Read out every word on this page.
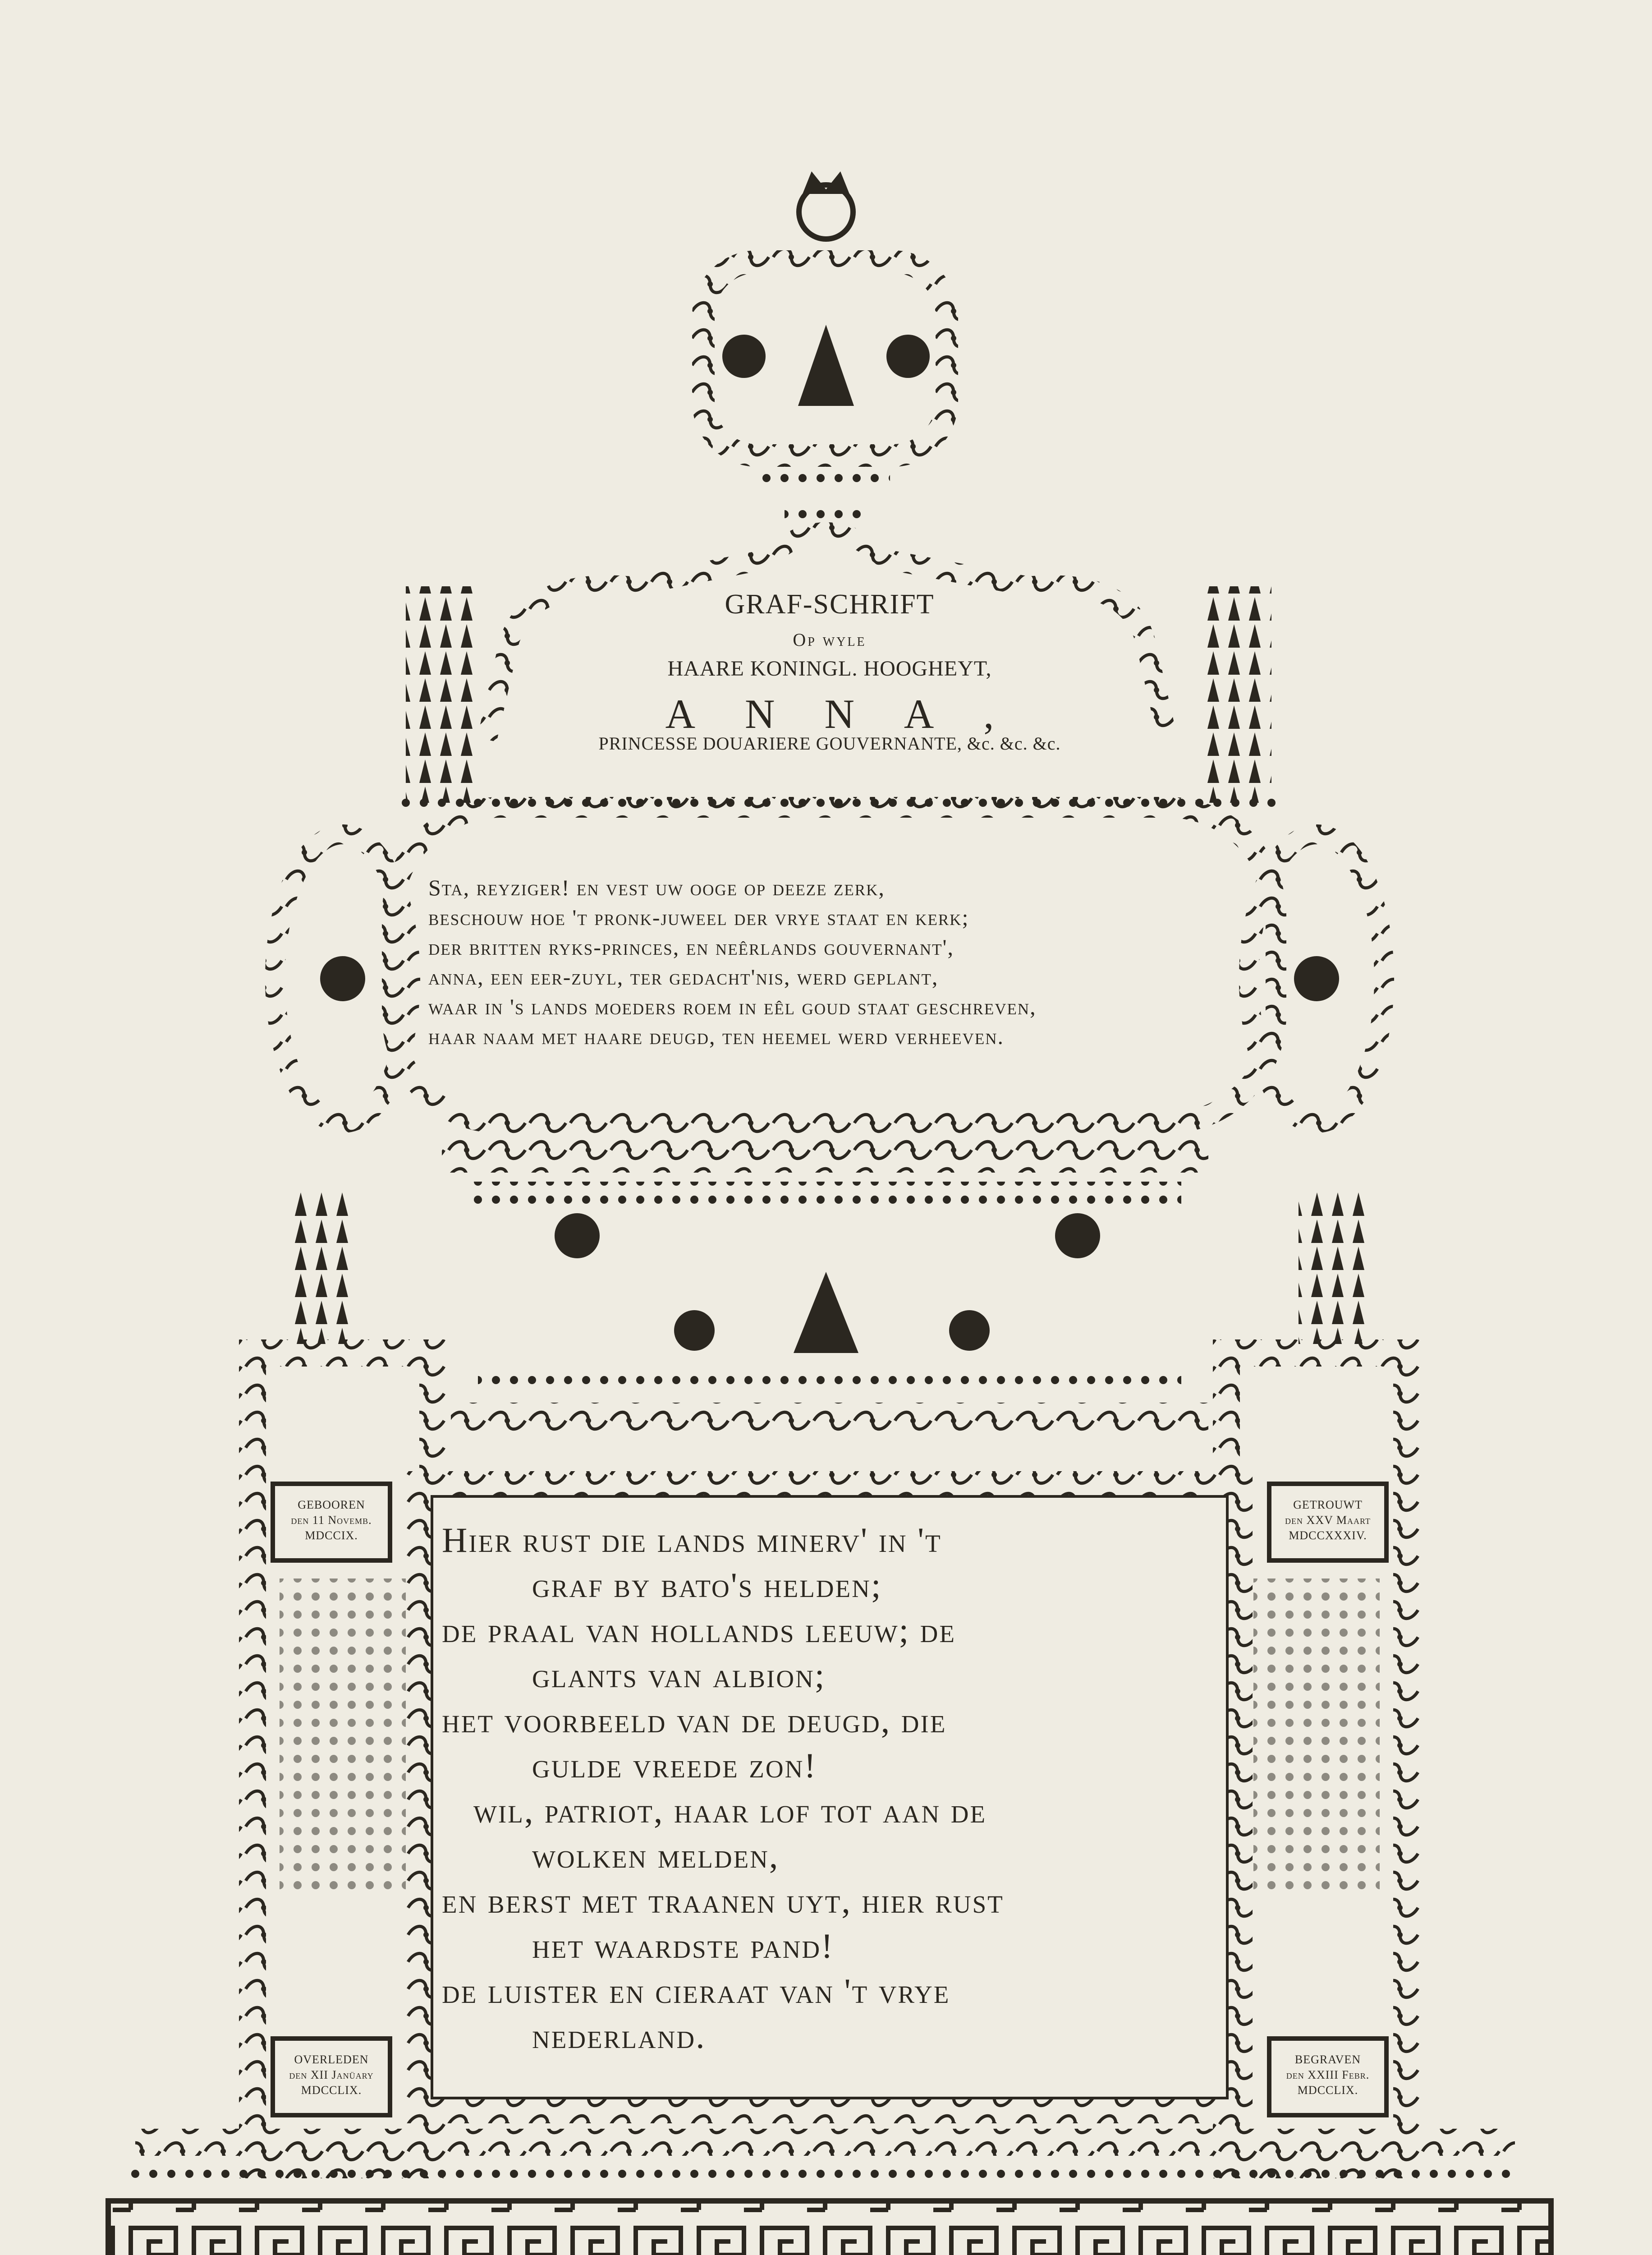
GRAF-SCHRIFT
Op wyle
HAARE KONINGL. HOOGHEYT,
ANNA,
PRINCESSE DOUARIERE GOUVERNANTE, &c. &c. &c.
Sta, reyziger! en vest uw ooge op deeze zerk,
beschouw hoe 't pronk-juweel der vrye staat en kerk;
der britten ryks-princes, en neêrlands gouvernant',
anna, een eer-zuyl, ter gedacht'nis, werd geplant,
waar in 's lands moeders roem in eêl goud staat geschreven,
haar naam met haare deugd, ten heemel werd verheeven.
Hier rust die lands minerv' in 't
graf by bato's helden;
de praal van hollands leeuw; de
glants van albion;
het voorbeeld van de deugd, die
gulde vreede zon!
wil, patriot, haar lof tot aan de
wolken melden,
en berst met traanen uyt, hier rust
het waardste pand!
de luister en cieraat van 't vrye
nederland.
GEBOOREN
den 11 Novemb.
MDCCIX.
GETROUWT
den XXV Maart
MDCCXXXIV.
OVERLEDEN
den XII Janüary
MDCCLIX.
BEGRAVEN
den XXIII Febr.
MDCCLIX.
